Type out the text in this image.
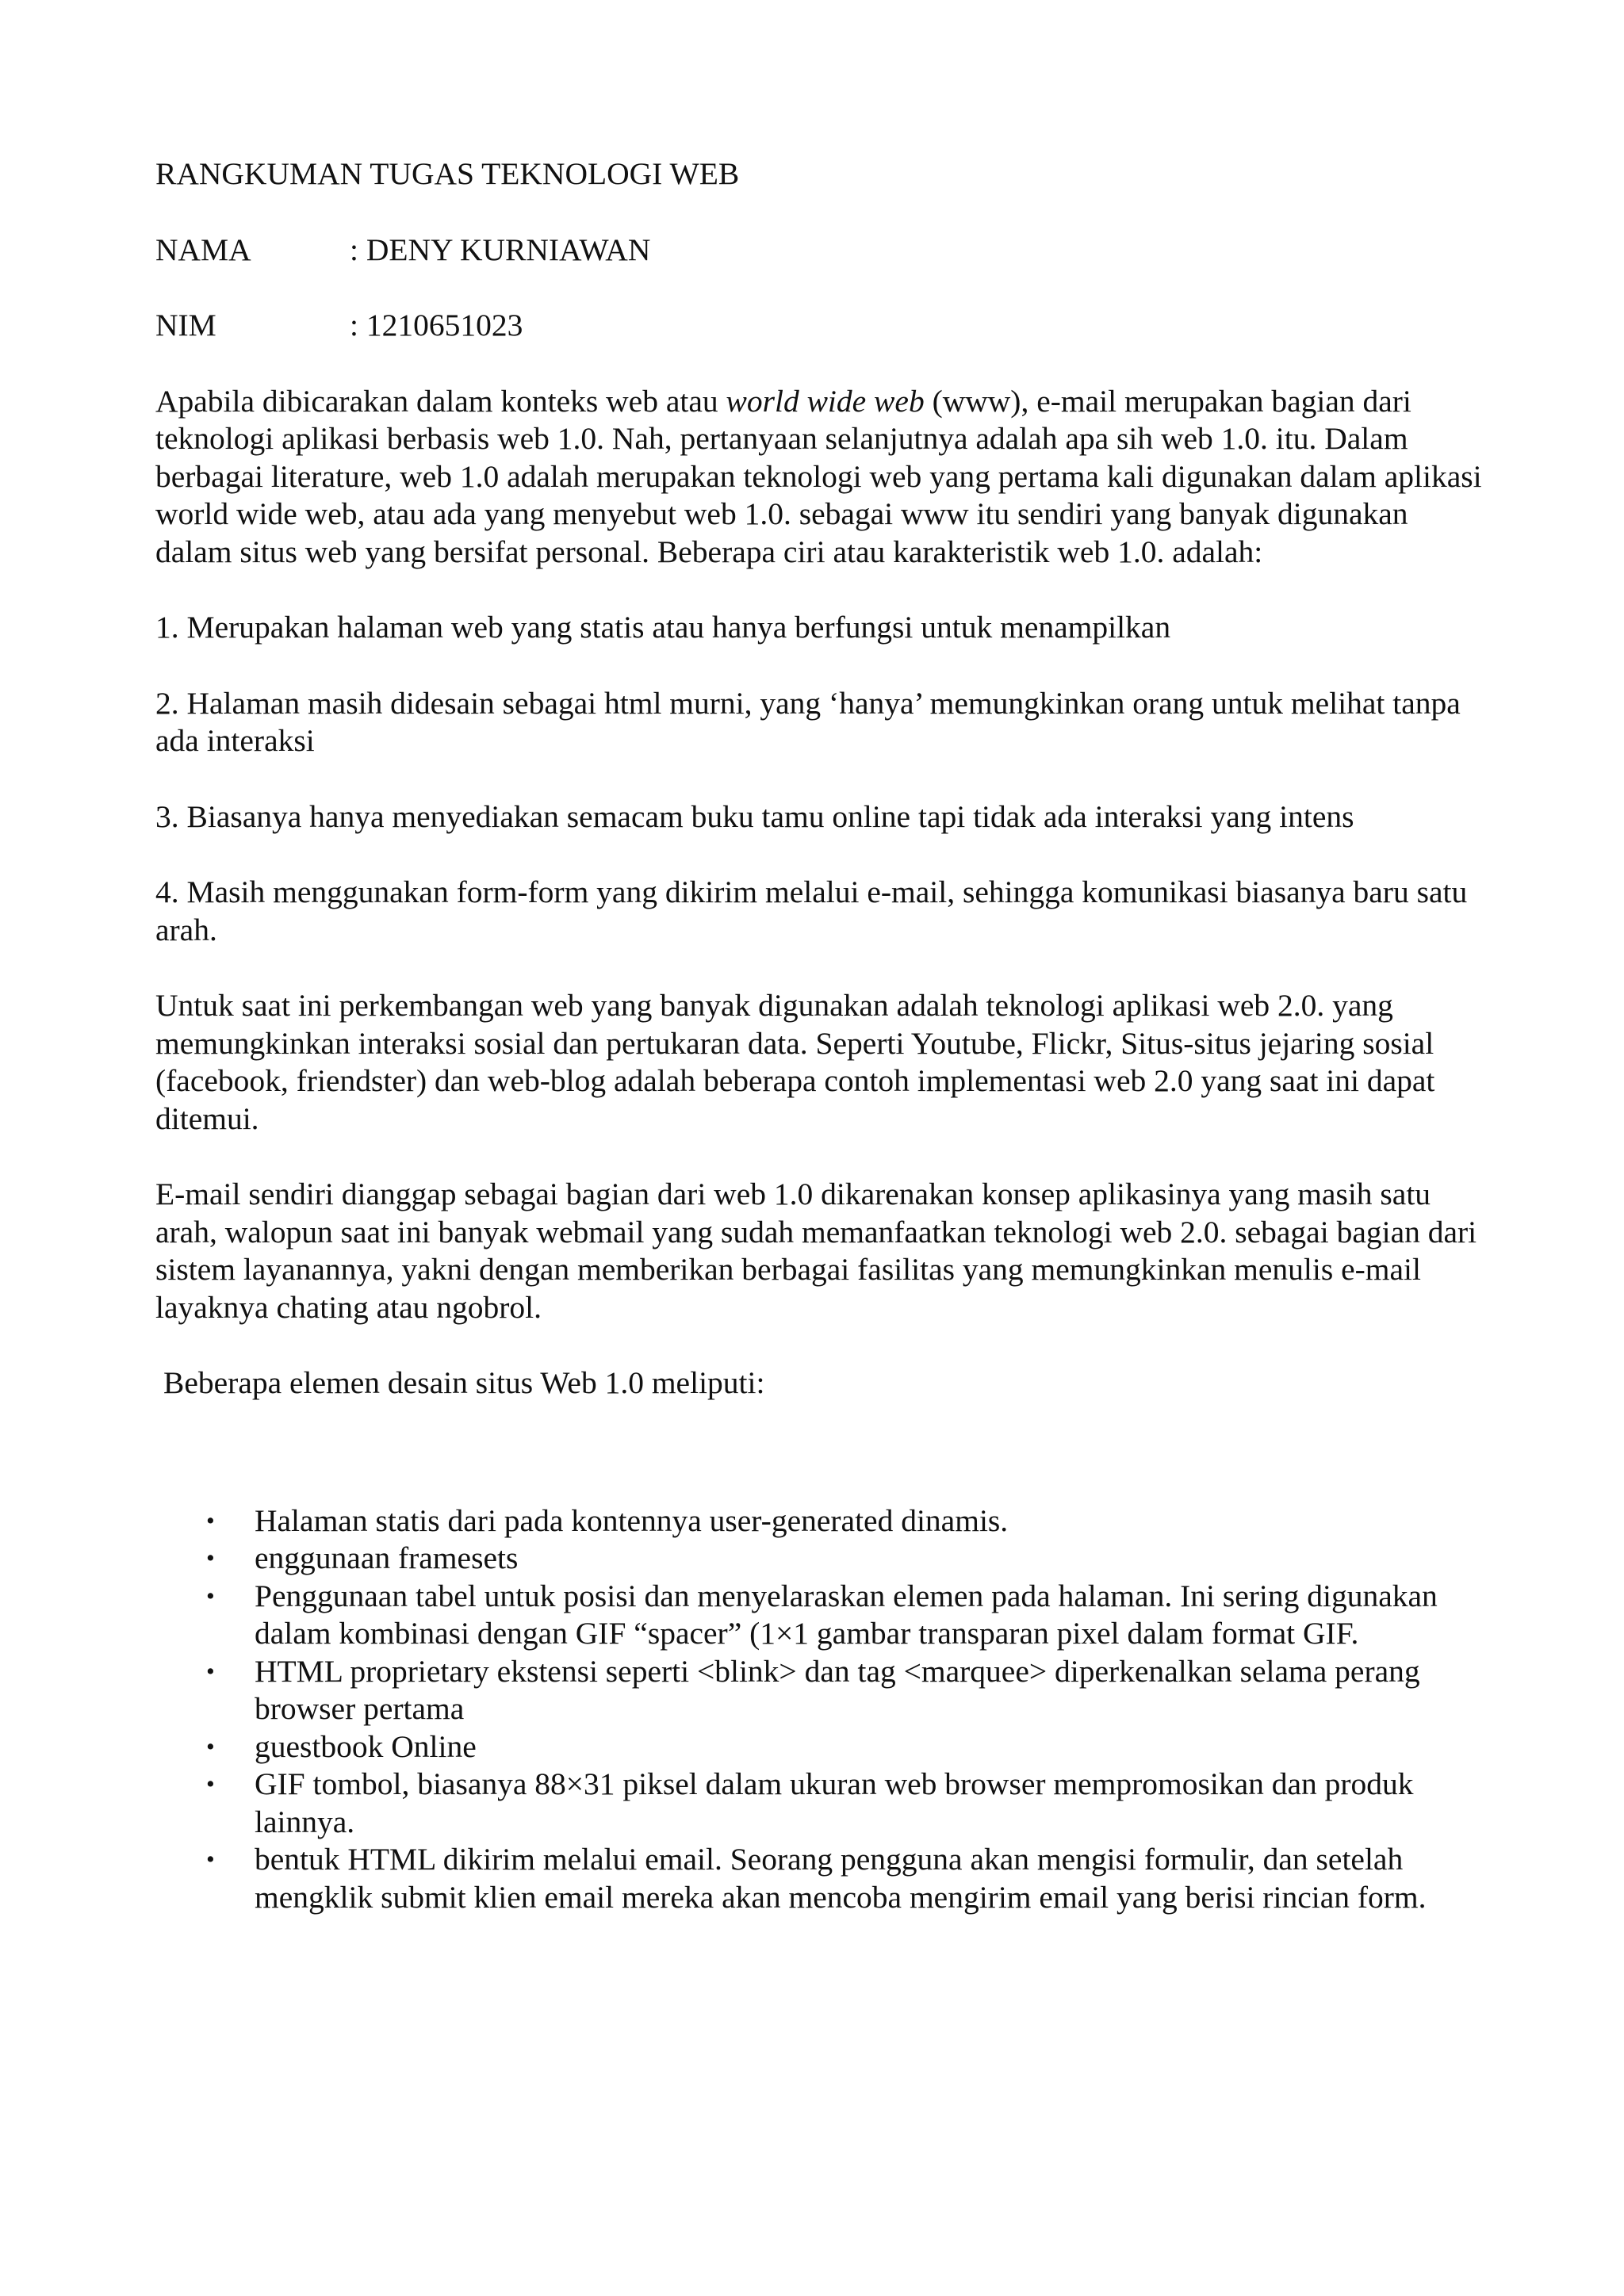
RANGKUMAN TUGAS TEKNOLOGI WEB
NAMA	: DENY KURNIAWAN
NIM	: 1210651023

Apabila dibicarakan dalam konteks web atau world wide web (www), e-mail merupakan bagian dari teknologi aplikasi berbasis web 1.0. Nah, pertanyaan selanjutnya adalah apa sih web 1.0. itu. Dalam berbagai literature, web 1.0 adalah merupakan teknologi web yang pertama kali digunakan dalam aplikasi world wide web, atau ada yang menyebut web 1.0. sebagai www itu sendiri yang banyak digunakan dalam situs web yang bersifat personal. Beberapa ciri atau karakteristik web 1.0. adalah:

1. Merupakan halaman web yang statis atau hanya berfungsi untuk menampilkan

2. Halaman masih didesain sebagai html murni, yang ‘hanya’ memungkinkan orang untuk melihat tanpa ada interaksi

3. Biasanya hanya menyediakan semacam buku tamu online tapi tidak ada interaksi yang intens

4. Masih menggunakan form-form yang dikirim melalui e-mail, sehingga komunikasi biasanya baru satu arah.

Untuk saat ini perkembangan web yang banyak digunakan adalah teknologi aplikasi web 2.0. yang memungkinkan interaksi sosial dan pertukaran data. Seperti Youtube, Flickr, Situs-situs jejaring sosial (facebook, friendster) dan web-blog adalah beberapa contoh implementasi web 2.0 yang saat ini dapat ditemui.

E-mail sendiri dianggap sebagai bagian dari web 1.0 dikarenakan konsep aplikasinya yang masih satu arah, walopun saat ini banyak webmail yang sudah memanfaatkan teknologi web 2.0. sebagai bagian dari sistem layanannya, yakni dengan memberikan berbagai fasilitas yang memungkinkan menulis e-mail layaknya chating atau ngobrol.

Beberapa elemen desain situs Web 1.0 meliputi:

• Halaman statis dari pada kontennya user-generated dinamis.
• enggunaan framesets
• Penggunaan tabel untuk posisi dan menyelaraskan elemen pada halaman. Ini sering digunakan dalam kombinasi dengan GIF “spacer” (1×1 gambar transparan pixel dalam format GIF.
• HTML proprietary ekstensi seperti <blink> dan tag <marquee> diperkenalkan selama perang browser pertama
• guestbook Online
• GIF tombol, biasanya 88×31 piksel dalam ukuran web browser mempromosikan dan produk lainnya.
• bentuk HTML dikirim melalui email. Seorang pengguna akan mengisi formulir, dan setelah mengklik submit klien email mereka akan mencoba mengirim email yang berisi rincian form.
